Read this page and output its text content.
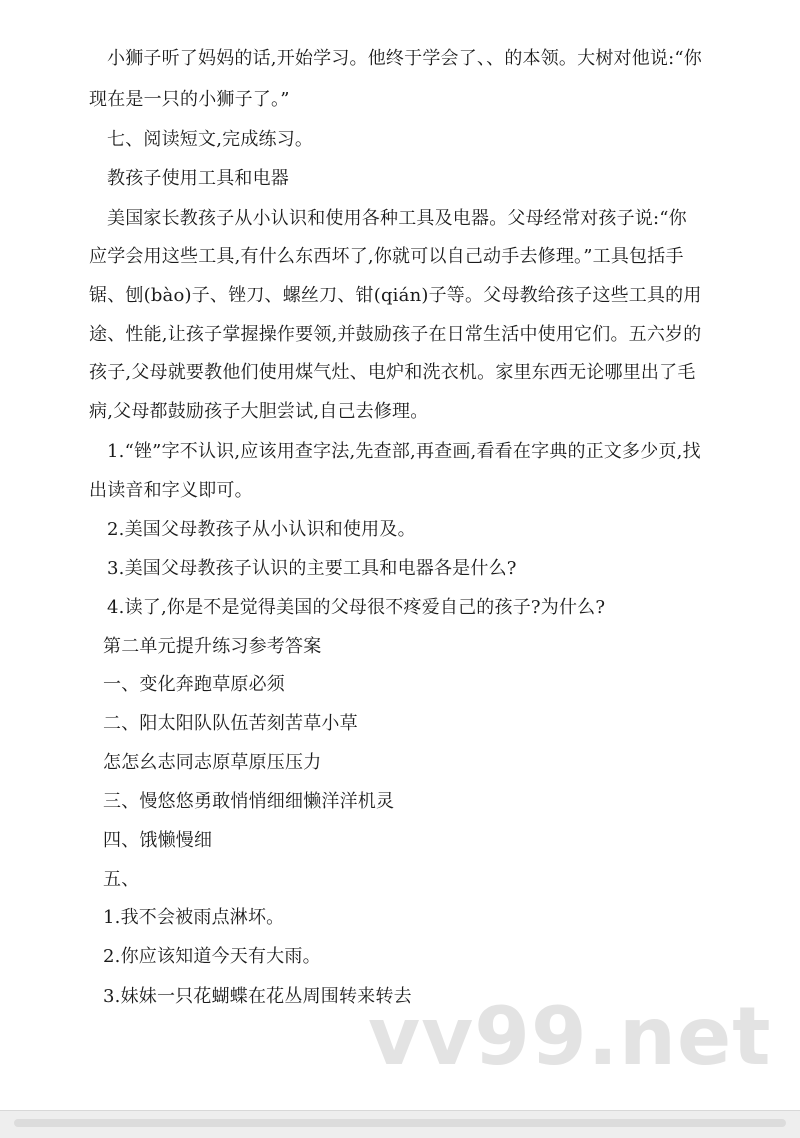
小狮子听了妈妈的话,开始学习。他终于学会了、、的本领。大树对他说:“你
现在是一只的小狮子了。”
七、阅读短文,完成练习。
教孩子使用工具和电器
美国家长教孩子从小认识和使用各种工具及电器。父母经常对孩子说:“你
应学会用这些工具,有什么东西坏了,你就可以自己动手去修理。”工具包括手
锯、刨(bào)子、锉刀、螺丝刀、钳(qián)子等。父母教给孩子这些工具的用
途、性能,让孩子掌握操作要领,并鼓励孩子在日常生活中使用它们。五六岁的
孩子,父母就要教他们使用煤气灶、电炉和洗衣机。家里东西无论哪里出了毛
病,父母都鼓励孩子大胆尝试,自己去修理。
1.“锉”字不认识,应该用查字法,先查部,再查画,看看在字典的正文多少页,找
出读音和字义即可。
2.美国父母教孩子从小认识和使用及。
3.美国父母教孩子认识的主要工具和电器各是什么?
4.读了,你是不是觉得美国的父母很不疼爱自己的孩子?为什么?
第二单元提升练习参考答案
一、变化奔跑草原必须
二、阳太阳队队伍苦刻苦草小草
怎怎幺志同志原草原压压力
三、慢悠悠勇敢悄悄细细懒洋洋机灵
四、饿懒慢细
五、
1.我不会被雨点淋坏。
2.你应该知道今天有大雨。
3.妹妹一只花蝴蝶在花丛周围转来转去
vv99.net
